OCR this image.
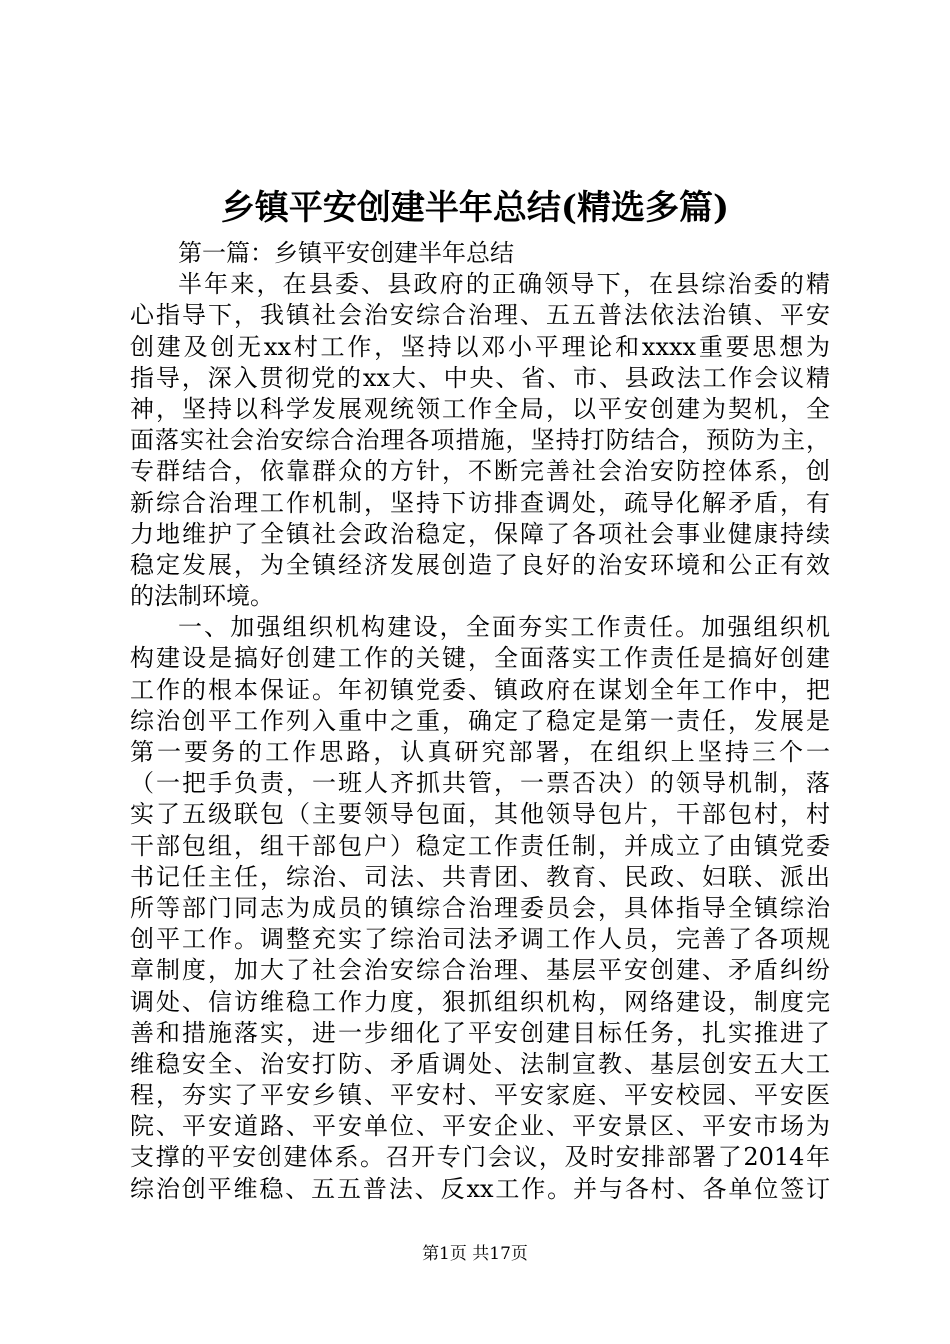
乡镇平安创建半年总结(精选多篇)
第一篇：乡镇平安创建半年总结
半年来，在县委、县政府的正确领导下，在县综治委的精
心指导下，我镇社会治安综合治理、五五普法依法治镇、平安
创建及创无xx村工作，坚持以邓小平理论和xxxx重要思想为
指导，深入贯彻党的xx大、中央、省、市、县政法工作会议精
神，坚持以科学发展观统领工作全局，以平安创建为契机，全
面落实社会治安综合治理各项措施，坚持打防结合，预防为主，
专群结合，依靠群众的方针，不断完善社会治安防控体系，创
新综合治理工作机制，坚持下访排查调处，疏导化解矛盾，有
力地维护了全镇社会政治稳定，保障了各项社会事业健康持续
稳定发展，为全镇经济发展创造了良好的治安环境和公正有效
的法制环境。
一、加强组织机构建设，全面夯实工作责任。加强组织机
构建设是搞好创建工作的关键，全面落实工作责任是搞好创建
工作的根本保证。年初镇党委、镇政府在谋划全年工作中，把
综治创平工作列入重中之重，确定了稳定是第一责任，发展是
第一要务的工作思路，认真研究部署，在组织上坚持三个一
（一把手负责，一班人齐抓共管，一票否决）的领导机制，落
实了五级联包（主要领导包面，其他领导包片，干部包村，村
干部包组，组干部包户）稳定工作责任制，并成立了由镇党委
书记任主任，综治、司法、共青团、教育、民政、妇联、派出
所等部门同志为成员的镇综合治理委员会，具体指导全镇综治
创平工作。调整充实了综治司法矛调工作人员，完善了各项规
章制度，加大了社会治安综合治理、基层平安创建、矛盾纠纷
调处、信访维稳工作力度，狠抓组织机构，网络建设，制度完
善和措施落实，进一步细化了平安创建目标任务，扎实推进了
维稳安全、治安打防、矛盾调处、法制宣教、基层创安五大工
程，夯实了平安乡镇、平安村、平安家庭、平安校园、平安医
院、平安道路、平安单位、平安企业、平安景区、平安市场为
支撑的平安创建体系。召开专门会议，及时安排部署了2014年
综治创平维稳、五五普法、反xx工作。并与各村、各单位签订
第1页 共17页
